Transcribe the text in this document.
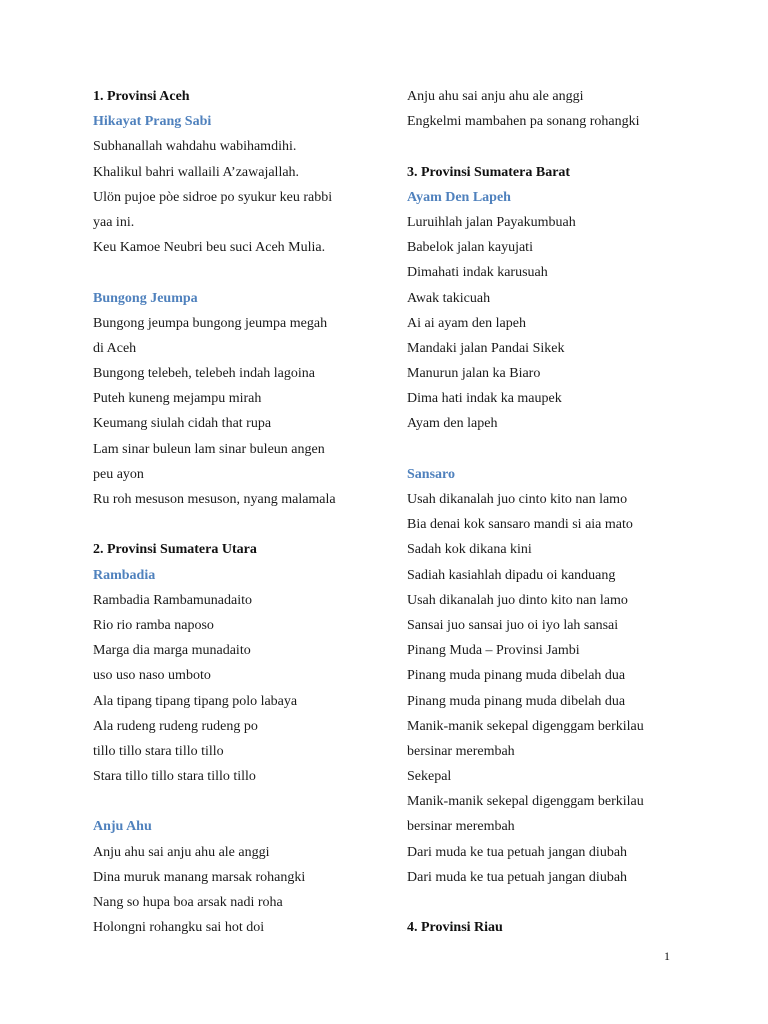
1. Provinsi Aceh
Hikayat Prang Sabi
Subhanallah wahdahu wabihamdihi.
Khalikul bahri wallaili A’zawajallah.
Ulön pujoe pòe sidroe po syukur keu rabbi
yaa ini.
Keu Kamoe Neubri beu suci Aceh Mulia.
Bungong Jeumpa
Bungong jeumpa bungong jeumpa megah
di Aceh
Bungong telebeh, telebeh indah lagoina
Puteh kuneng mejampu mirah
Keumang siulah cidah that rupa
Lam sinar buleun lam sinar buleun angen
peu ayon
Ru roh mesuson mesuson, nyang malamala
2. Provinsi Sumatera Utara
Rambadia
Rambadia Rambamunadaito
Rio rio ramba naposo
Marga dia marga munadaito
uso uso naso umboto
Ala tipang tipang tipang polo labaya
Ala rudeng rudeng rudeng po
tillo tillo stara tillo tillo
Stara tillo tillo stara tillo tillo
Anju Ahu
Anju ahu sai anju ahu ale anggi
Dina muruk manang marsak rohangki
Nang so hupa boa arsak nadi roha
Holongni rohangku sai hot doi
Anju ahu sai anju ahu ale anggi
Engkelmi mambahen pa sonang rohangki
3. Provinsi Sumatera Barat
Ayam Den Lapeh
Luruihlah jalan Payakumbuah
Babelok jalan kayujati
Dimahati indak karusuah
Awak takicuah
Ai ai ayam den lapeh
Mandaki jalan Pandai Sikek
Manurun jalan ka Biaro
Dima hati indak ka maupek
Ayam den lapeh
Sansaro
Usah dikanalah juo cinto kito nan lamo
Bia denai kok sansaro mandi si aia mato
Sadah kok dikana kini
Sadiah kasiahlah dipadu oi kanduang
Usah dikanalah juo dinto kito nan lamo
Sansai juo sansai juo oi iyo lah sansai
Pinang Muda – Provinsi Jambi
Pinang muda pinang muda dibelah dua
Pinang muda pinang muda dibelah dua
Manik-manik sekepal digenggam berkilau
bersinar merembah
Sekepal
Manik-manik sekepal digenggam berkilau
bersinar merembah
Dari muda ke tua petuah jangan diubah
Dari muda ke tua petuah jangan diubah
4. Provinsi Riau
1
